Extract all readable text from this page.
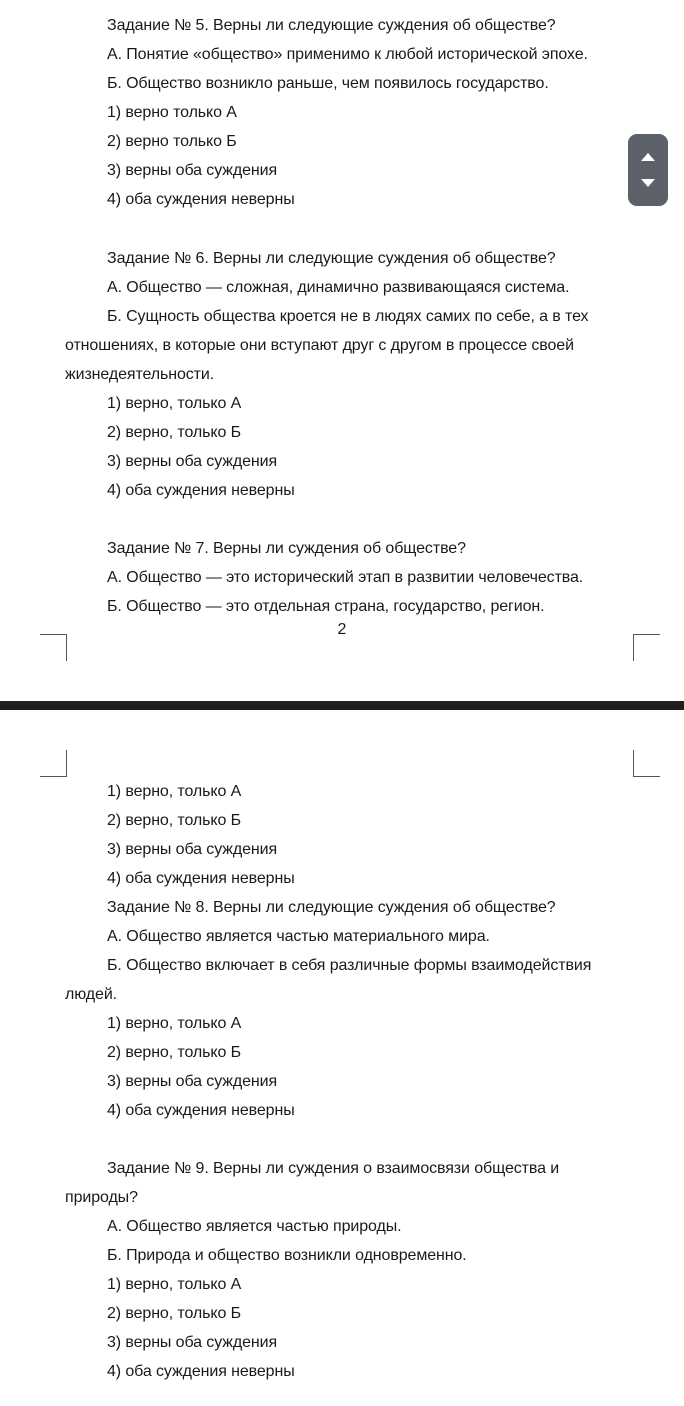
Задание № 5. Верны ли следующие суждения об обществе?
А. Понятие «общество» применимо к любой исторической эпохе.
Б. Общество возникло раньше, чем появилось государство.
1) верно только А
2) верно только Б
3) верны оба суждения
4) оба суждения неверны
Задание № 6. Верны ли следующие суждения об обществе?
А. Общество — сложная, динамично развивающаяся система.
Б. Сущность общества кроется не в людях самих по себе, а в тех
отношениях, в которые они вступают друг с другом в процессе своей
жизнедеятельности.
1) верно, только А
2) верно, только Б
3) верны оба суждения
4) оба суждения неверны
Задание № 7. Верны ли суждения об обществе?
А. Общество — это исторический этап в развитии человечества.
Б. Общество — это отдельная страна, государство, регион.
2
1) верно, только А
2) верно, только Б
3) верны оба суждения
4) оба суждения неверны
Задание № 8. Верны ли следующие суждения об обществе?
А. Общество является частью материального мира.
Б. Общество включает в себя различные формы взаимодействия
людей.
1) верно, только А
2) верно, только Б
3) верны оба суждения
4) оба суждения неверны
Задание № 9. Верны ли суждения о взаимосвязи общества и
природы?
А. Общество является частью природы.
Б. Природа и общество возникли одновременно.
1) верно, только А
2) верно, только Б
3) верны оба суждения
4) оба суждения неверны
